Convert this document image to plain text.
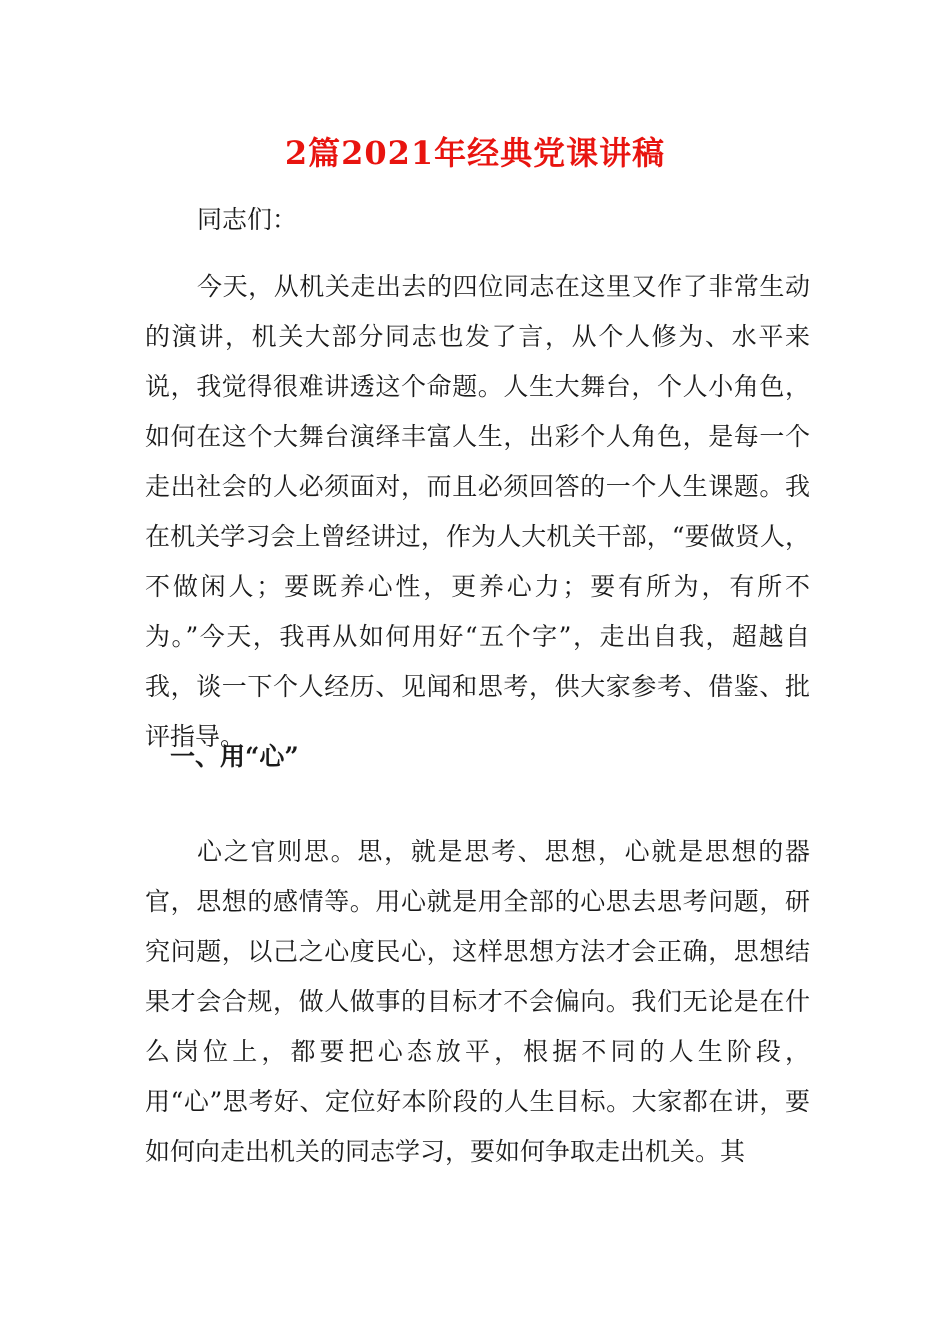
2篇2021年经典党课讲稿

同志们：

今天，从机关走出去的四位同志在这里又作了非常生动的演讲，机关大部分同志也发了言，从个人修为、水平来说，我觉得很难讲透这个命题。人生大舞台，个人小角色，如何在这个大舞台演绎丰富人生，出彩个人角色，是每一个走出社会的人必须面对，而且必须回答的一个人生课题。我在机关学习会上曾经讲过，作为人大机关干部，“要做贤人，不做闲人；要既养心性，更养心力；要有所为，有所不为。”今天，我再从如何用好“五个字”，走出自我，超越自我，谈一下个人经历、见闻和思考，供大家参考、借鉴、批评指导。

一、用“心”

心之官则思。思，就是思考、思想，心就是思想的器官，思想的感情等。用心就是用全部的心思去思考问题，研究问题，以己之心度民心，这样思想方法才会正确，思想结果才会合规，做人做事的目标才不会偏向。我们无论是在什么岗位上，都要把心态放平，根据不同的人生阶段，用“心”思考好、定位好本阶段的人生目标。大家都在讲，要如何向走出机关的同志学习，要如何争取走出机关。其
